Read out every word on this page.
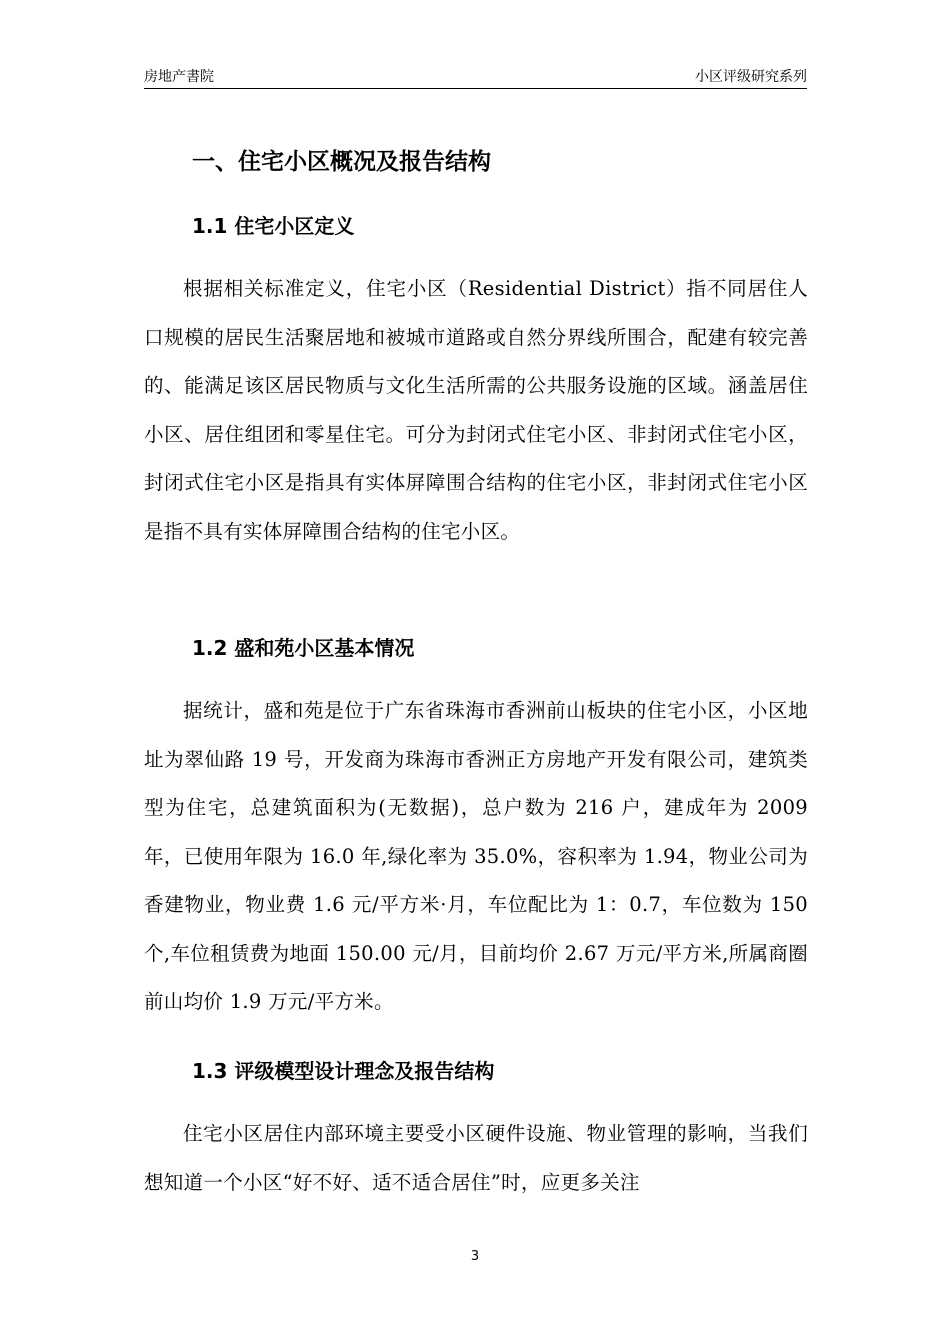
房地产書院	小区评级研究系列
一、住宅小区概况及报告结构
1.1 住宅小区定义
根据相关标准定义，住宅小区（Residential District）指不同居住人口规模的居民生活聚居地和被城市道路或自然分界线所围合，配建有较完善的、能满足该区居民物质与文化生活所需的公共服务设施的区域。涵盖居住小区、居住组团和零星住宅。可分为封闭式住宅小区、非封闭式住宅小区，封闭式住宅小区是指具有实体屏障围合结构的住宅小区，非封闭式住宅小区是指不具有实体屏障围合结构的住宅小区。
1.2 盛和苑小区基本情况
据统计，盛和苑是位于广东省珠海市香洲前山板块的住宅小区，小区地址为翠仙路 19 号，开发商为珠海市香洲正方房地产开发有限公司，建筑类型为住宅，总建筑面积为(无数据)，总户数为 216 户，建成年为 2009 年，已使用年限为 16.0 年,绿化率为 35.0%，容积率为 1.94，物业公司为香建物业，物业费 1.6 元/平方米·月，车位配比为 1：0.7，车位数为 150 个,车位租赁费为地面 150.00 元/月，目前均价 2.67 万元/平方米,所属商圈前山均价 1.9 万元/平方米。
1.3 评级模型设计理念及报告结构
住宅小区居住内部环境主要受小区硬件设施、物业管理的影响，当我们想知道一个小区“好不好、适不适合居住”时，应更多关注
3
